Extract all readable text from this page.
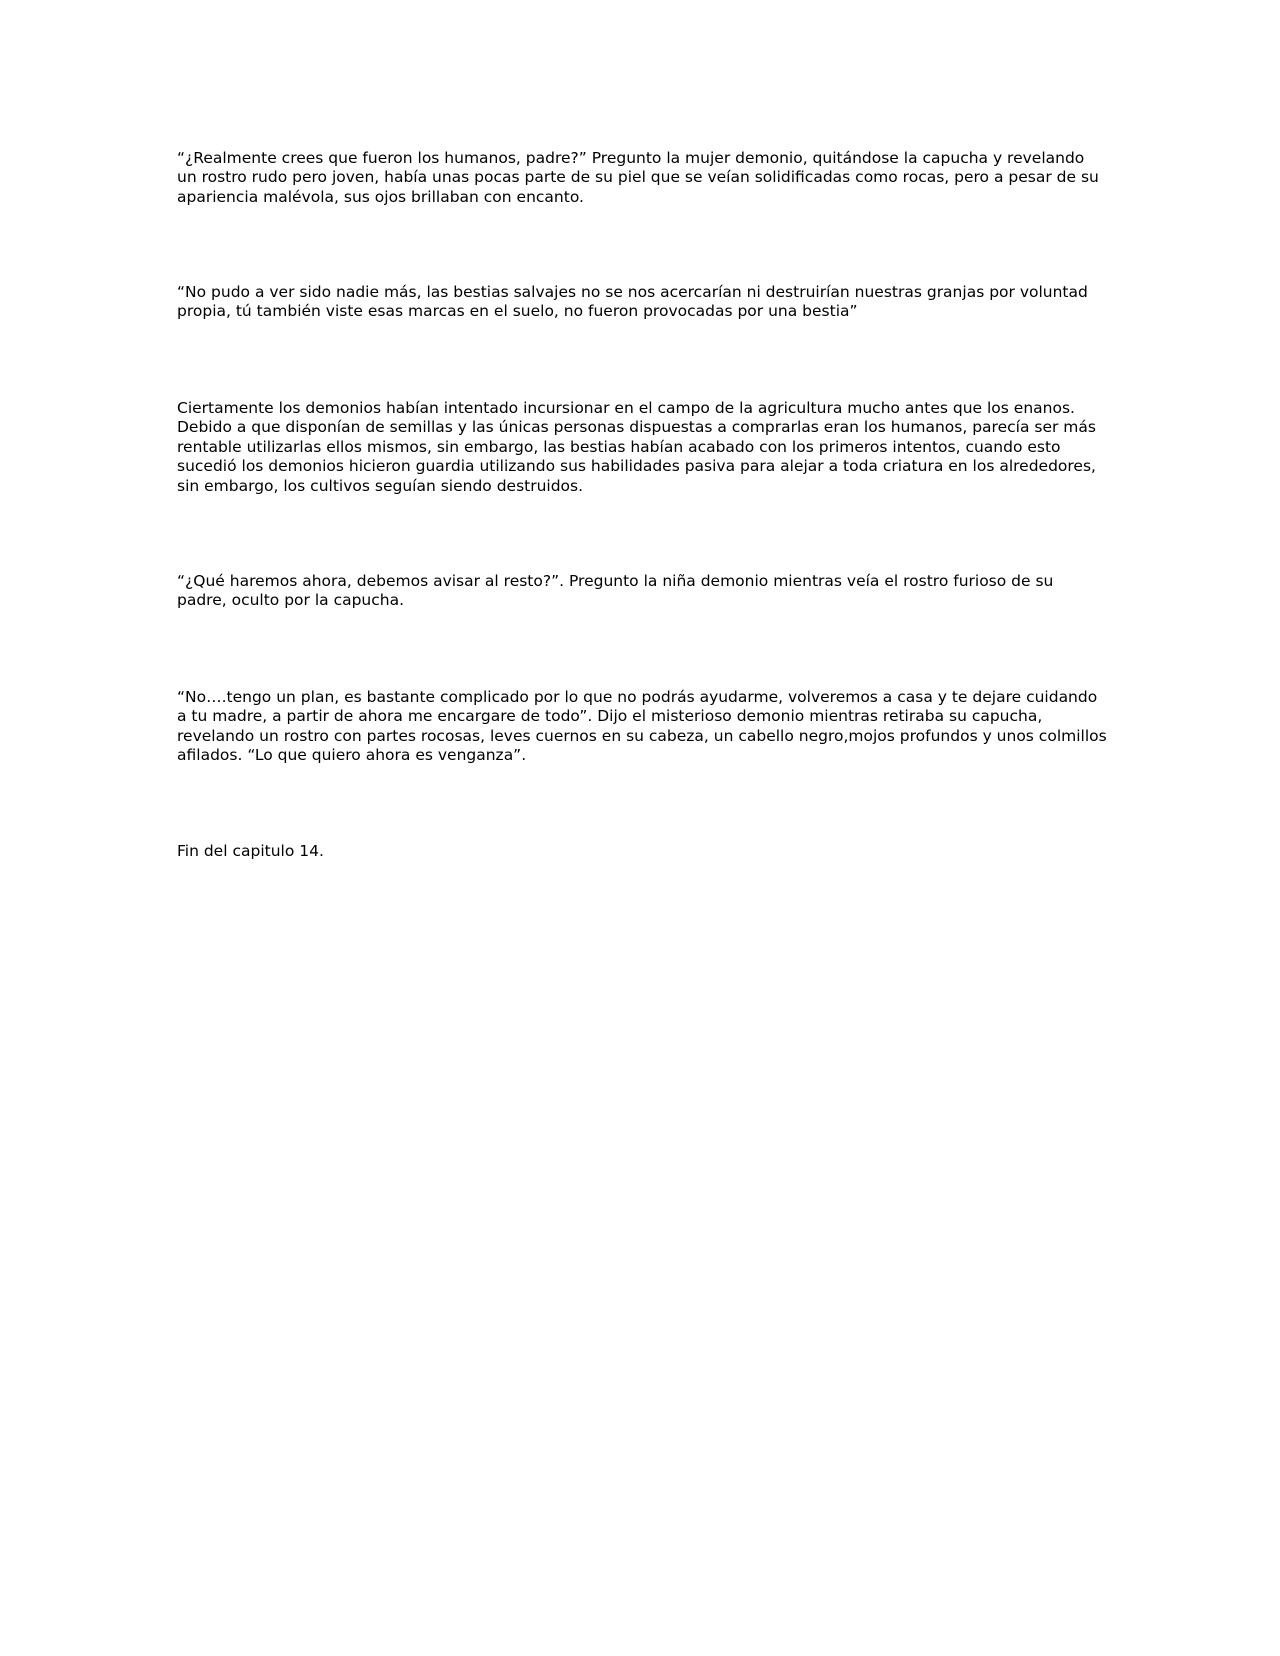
“¿Realmente crees que fueron los humanos, padre?” Pregunto la mujer demonio, quitándose la capucha y revelando un rostro rudo pero joven, había unas pocas parte de su piel que se veían solidificadas como rocas, pero a pesar de su apariencia malévola, sus ojos brillaban con encanto.

“No pudo a ver sido nadie más, las bestias salvajes no se nos acercarían ni destruirían nuestras granjas por voluntad propia, tú también viste esas marcas en el suelo, no fueron provocadas por una bestia”

Ciertamente los demonios habían intentado incursionar en el campo de la agricultura mucho antes que los enanos. Debido a que disponían de semillas y las únicas personas dispuestas a comprarlas eran los humanos, parecía ser más rentable utilizarlas ellos mismos, sin embargo, las bestias habían acabado con los primeros intentos, cuando esto sucedió los demonios hicieron guardia utilizando sus habilidades pasiva para alejar a toda criatura en los alrededores, sin embargo, los cultivos seguían siendo destruidos.

“¿Qué haremos ahora, debemos avisar al resto?”. Pregunto la niña demonio mientras veía el rostro furioso de su padre, oculto por la capucha.

“No….tengo un plan, es bastante complicado por lo que no podrás ayudarme, volveremos a casa y te dejare cuidando a tu madre, a partir de ahora me encargare de todo”. Dijo el misterioso demonio mientras retiraba su capucha, revelando un rostro con partes rocosas, leves cuernos en su cabeza, un cabello negro,mojos profundos y unos colmillos afilados. “Lo que quiero ahora es venganza”.

Fin del capitulo 14.
